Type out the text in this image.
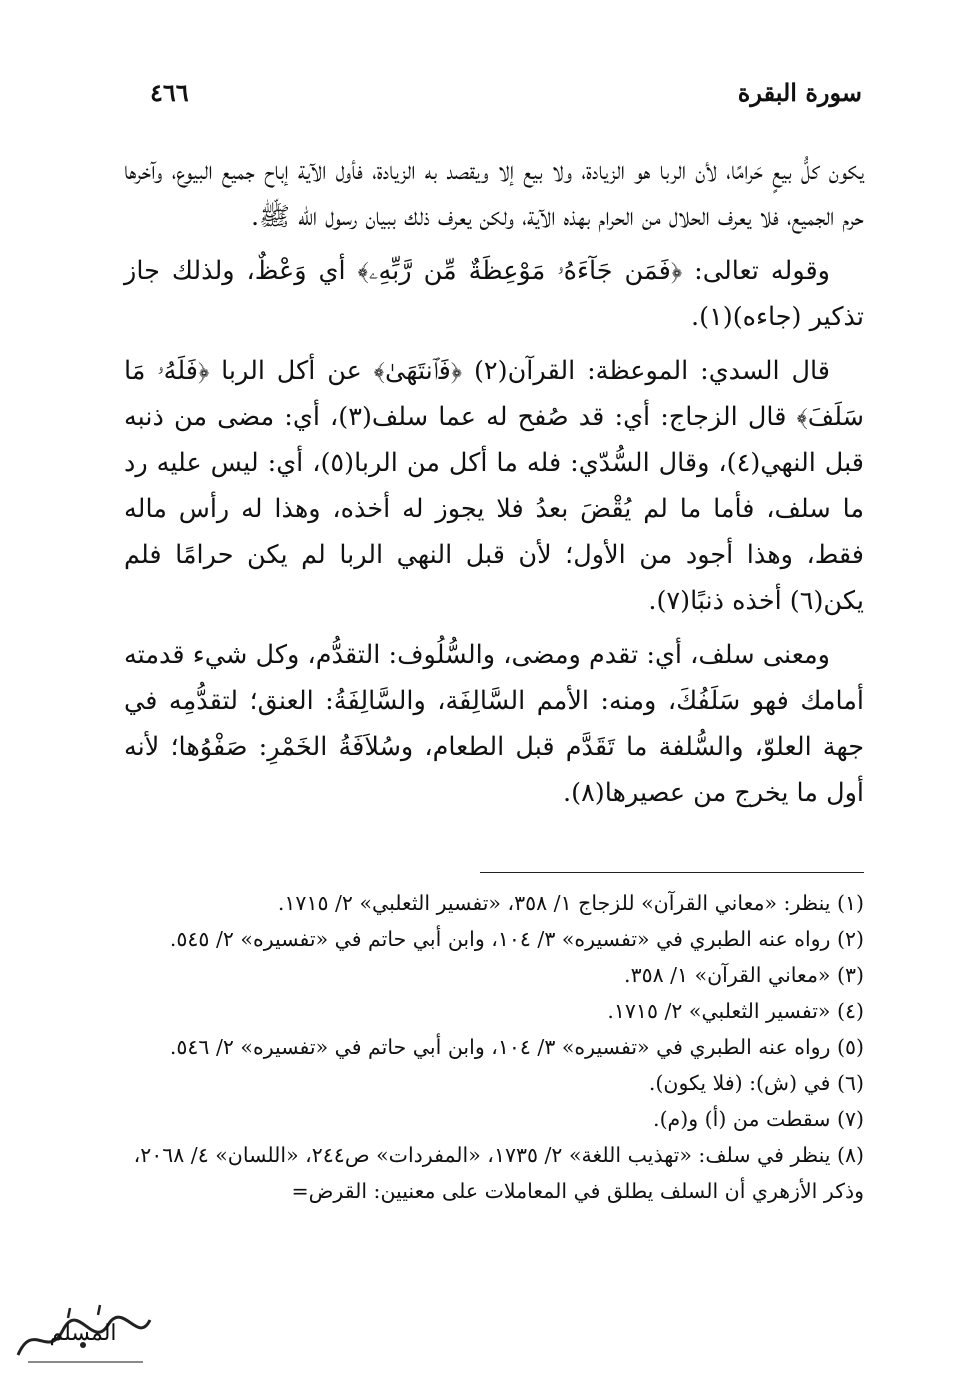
سورة البقرة
٤٦٦

يكون كلُّ بيعٍ حَرامًا، لأن الربا هو الزيادة، ولا بيع إلا ويقصد به الزيادة، فأول الآية إباح جميع البيوع، وآخرها حرم الجميع، فلا يعرف الحلال من الحرام بهذه الآية، ولكن يعرف ذلك ببيان رسول الله ﷺ.

وقوله تعالى: ﴿فَمَن جَآءَهُۥ مَوْعِظَةٌ مِّن رَّبِّهِۦ﴾ أي وَعْظٌ، ولذلك جاز تذكير (جاءه)(١).

قال السدي: الموعظة: القرآن(٢) ﴿فَٱنتَهَىٰ﴾ عن أكل الربا ﴿فَلَهُۥ مَا سَلَفَ﴾ قال الزجاج: أي: قد صُفح له عما سلف(٣)، أي: مضى من ذنبه قبل النهي(٤)، وقال السُّدّي: فله ما أكل من الربا(٥)، أي: ليس عليه رد ما سلف، فأما ما لم يُقْضَ بعدُ فلا يجوز له أخذه، وهذا له رأس ماله فقط، وهذا أجود من الأول؛ لأن قبل النهي الربا لم يكن حرامًا فلم يكن(٦) أخذه ذنبًا(٧).

ومعنى سلف، أي: تقدم ومضى، والسُّلُوف: التقدُّم، وكل شيء قدمته أمامك فهو سَلَفُكَ، ومنه: الأمم السَّالِفَة، والسَّالِفَةُ: العنق؛ لتقدُّمِه في جهة العلوّ، والسُّلفة ما تَقَدَّم قبل الطعام، وسُلاَفَةُ الخَمْرِ: صَفْوُها؛ لأنه أول ما يخرج من عصيرها(٨).

(١) ينظر: «معاني القرآن» للزجاج ١/ ٣٥٨، «تفسير الثعلبي» ٢/ ١٧١٥.

(٢) رواه عنه الطبري في «تفسيره» ٣/ ١٠٤، وابن أبي حاتم في «تفسيره» ٢/ ٥٤٥.

(٣) «معاني القرآن» ١/ ٣٥٨.

(٤) «تفسير الثعلبي» ٢/ ١٧١٥.

(٥) رواه عنه الطبري في «تفسيره» ٣/ ١٠٤، وابن أبي حاتم في «تفسيره» ٢/ ٥٤٦.

(٦) في (ش): (فلا يكون).

(٧) سقطت من (أ) و(م).

(٨) ينظر في سلف: «تهذيب اللغة» ٢/ ١٧٣٥، «المفردات» ص٢٤٤، «اللسان» ٤/ ٢٠٦٨، وذكر الأزهري أن السلف يطلق في المعاملات على معنيين: القرض=

المسلم
